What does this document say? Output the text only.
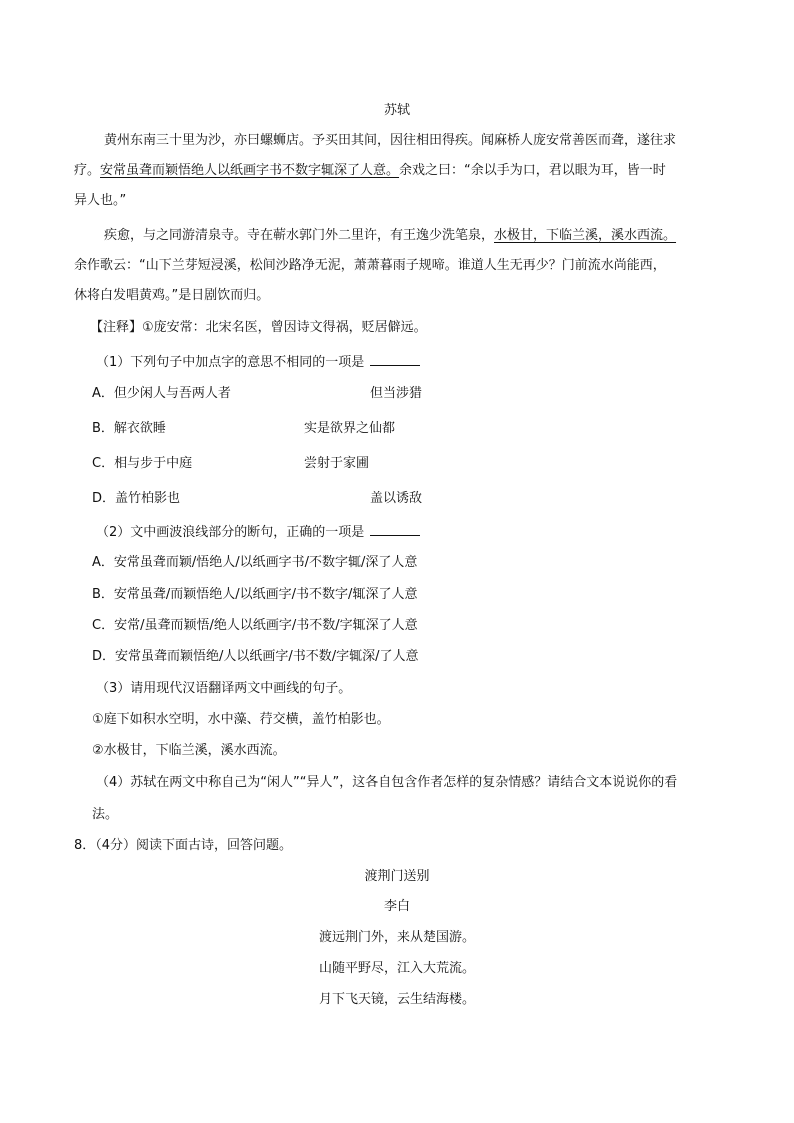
苏轼
黄州东南三十里为沙，亦曰螺蛳店。予买田其间，因往相田得疾。闻麻桥人庞安常善医而聋，遂往求
疗。安常虽聋而颖悟绝人以纸画字书不数字辄深了人意。余戏之曰：“余以手为口，君以眼为耳，皆一时
异人也。”
疾愈，与之同游清泉寺。寺在蕲水郭门外二里许，有王逸少洗笔泉，水极甘，下临兰溪，溪水西流。
余作歌云：“山下兰芽短浸溪，松间沙路净无泥，萧萧暮雨子规啼。谁道人生无再少？门前流水尚能西，
休将白发唱黄鸡。”是日剧饮而归。
【注释】①庞安常：北宋名医，曾因诗文得祸，贬居僻远。
（1）下列句子中加点字的意思不相同的一项是
A．但少闲人与吾两人者	但当涉猎
B．解衣欲睡	实是欲界之仙都
C．相与步于中庭	尝射于家圃
D．盖竹柏影也	盖以诱敌
（2）文中画波浪线部分的断句，正确的一项是
A．安常虽聋而颖/悟绝人/以纸画字书/不数字辄/深了人意
B．安常虽聋/而颖悟绝人/以纸画字/书不数字/辄深了人意
C．安常/虽聋而颖悟/绝人以纸画字/书不数/字辄深了人意
D．安常虽聋而颖悟绝/人以纸画字/书不数/字辄深/了人意
（3）请用现代汉语翻译两文中画线的句子。
①庭下如积水空明，水中藻、荇交横，盖竹柏影也。
②水极甘，下临兰溪，溪水西流。
（4）苏轼在两文中称自己为“闲人”“异人”，这各自包含作者怎样的复杂情感？请结合文本说说你的看
法。
8．（4分）阅读下面古诗，回答问题。
渡荆门送别
李白
渡远荆门外，来从楚国游。
山随平野尽，江入大荒流。
月下飞天镜，云生结海楼。
